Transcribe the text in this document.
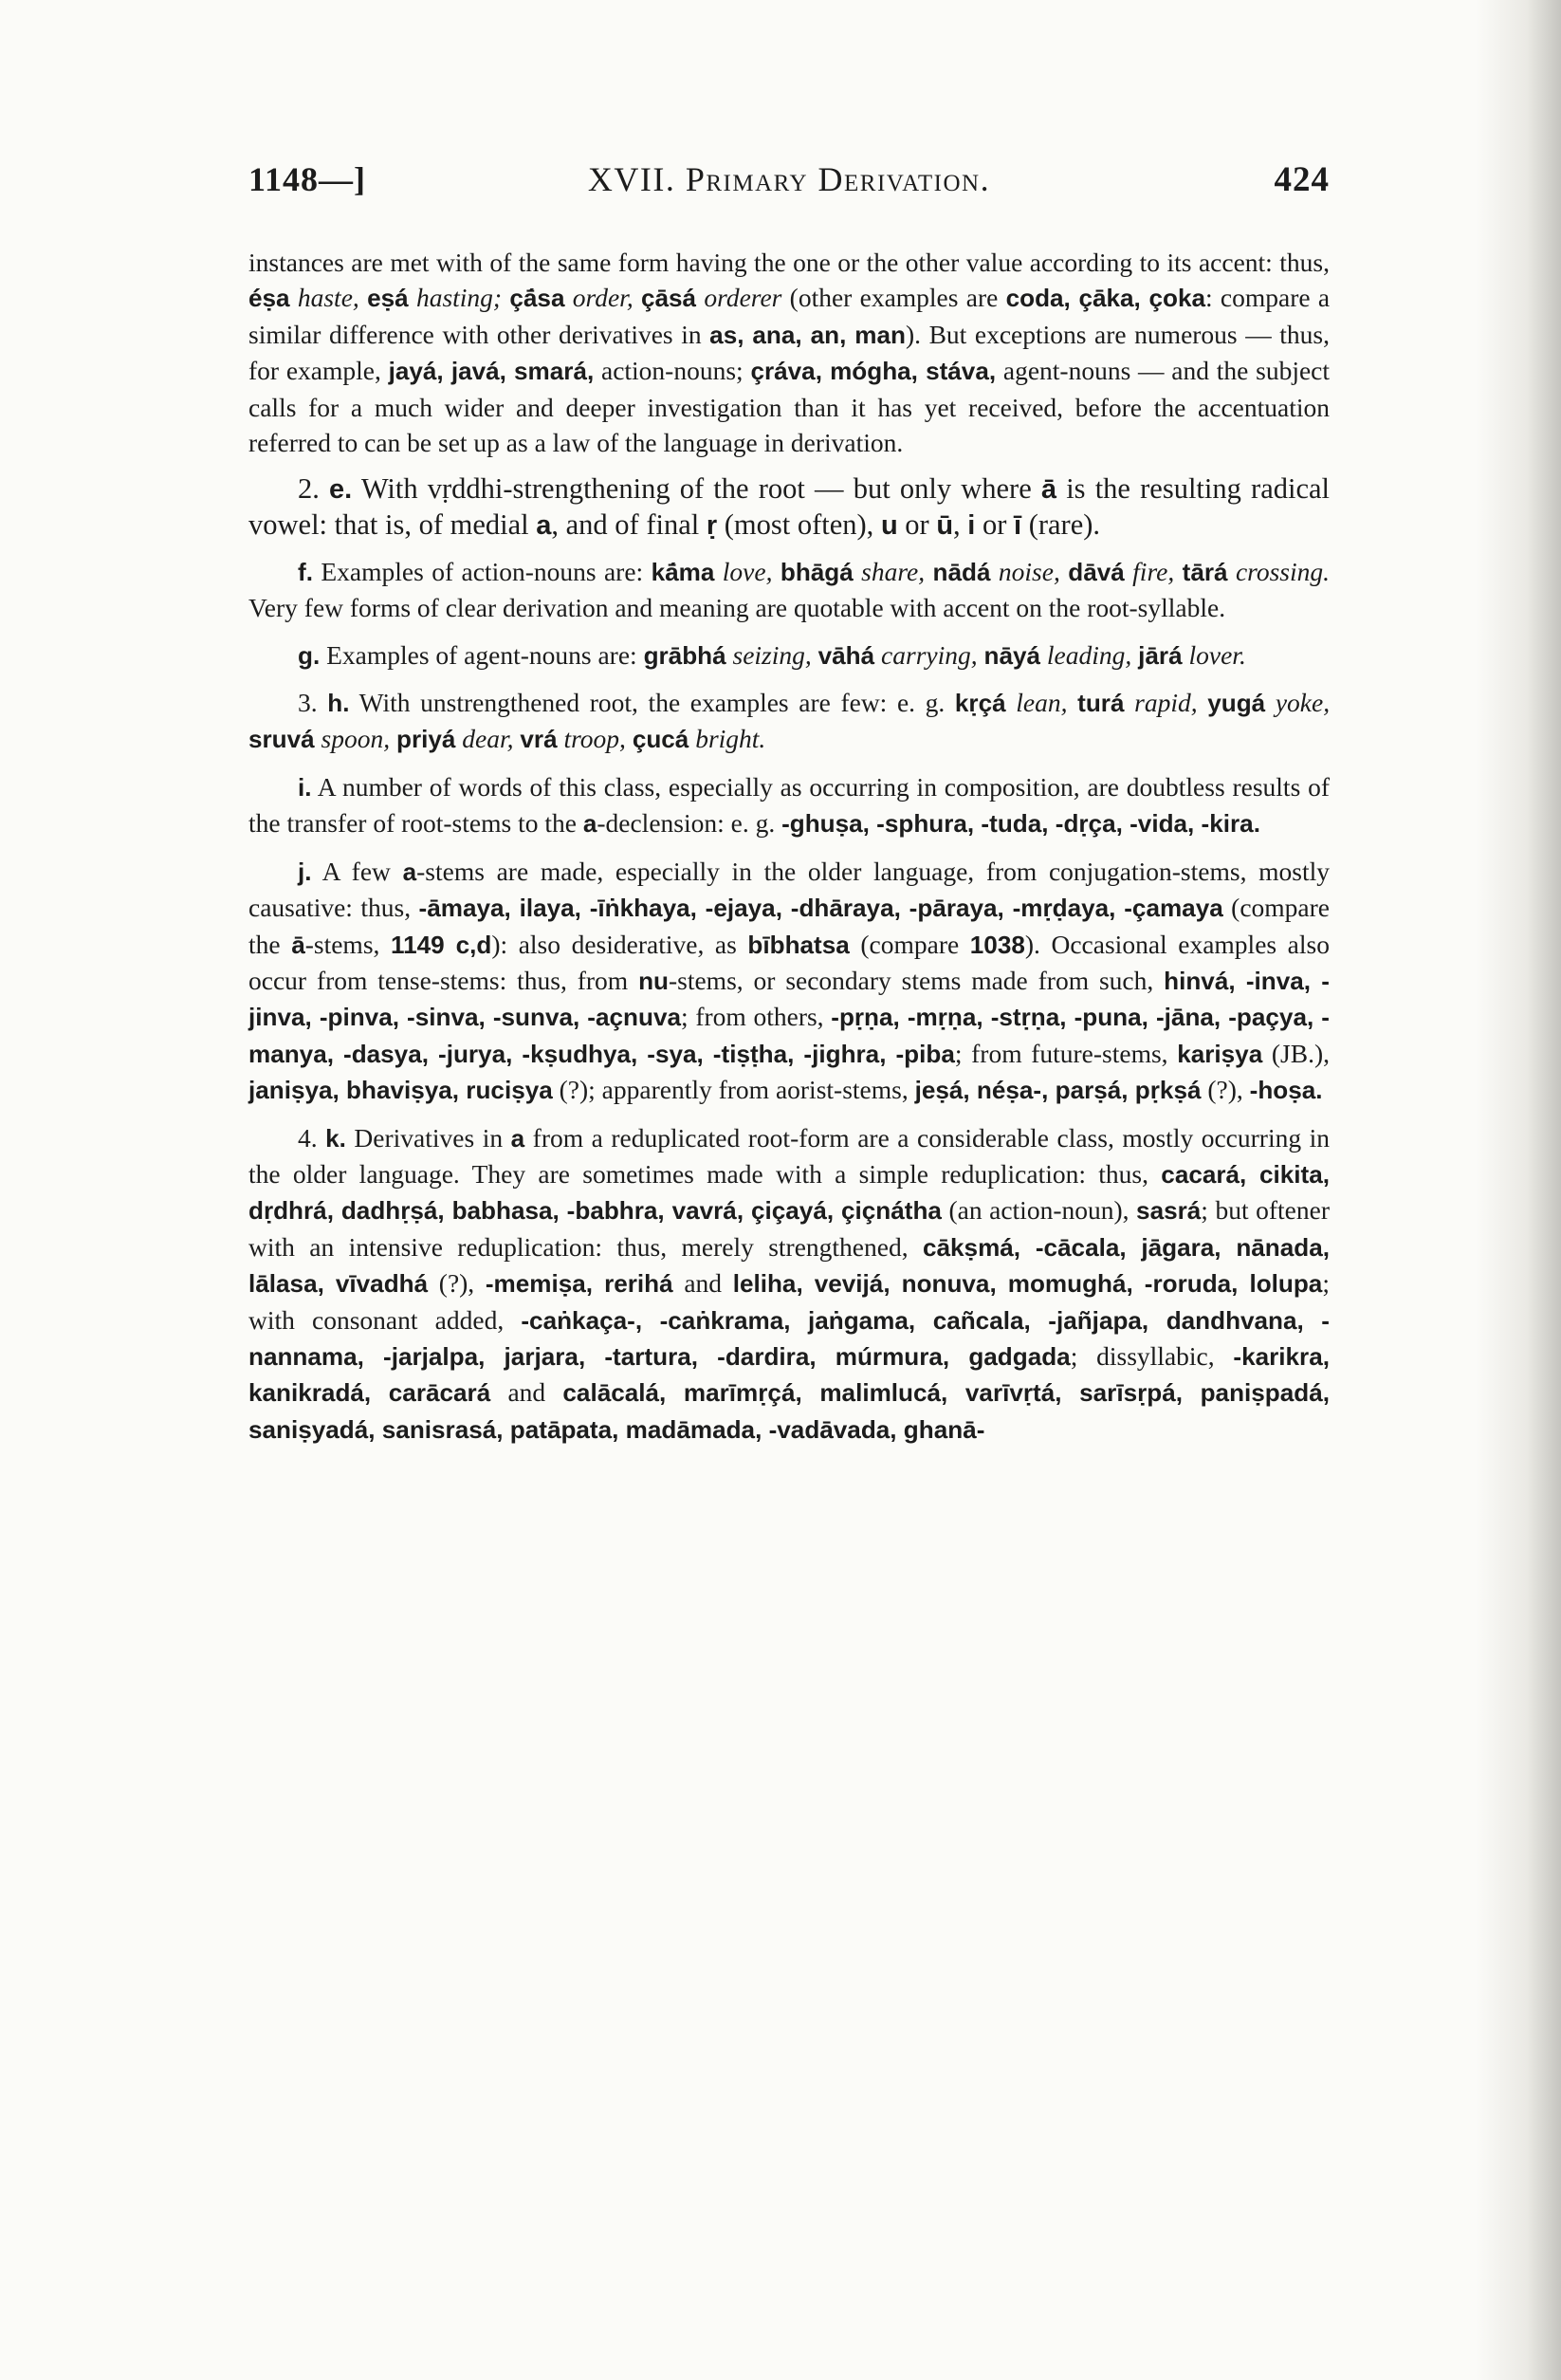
1148—]	XVII. Primary Derivation.	424

instances are met with of the same form having the one or the other value according to its accent: thus, éṣa haste, eṣá hasting; çā́sa order, çāsá orderer (other examples are coda, çāka, çoka: compare a similar difference with other derivatives in as, ana, an, man). But exceptions are numerous — thus, for example, jayá, javá, smará, action-nouns; çráva, mógha, stáva, agent-nouns — and the subject calls for a much wider and deeper investigation than it has yet received, before the accentuation referred to can be set up as a law of the language in derivation.

2. e. With vṛddhi-strengthening of the root — but only where ā is the resulting radical vowel: that is, of medial a, and of final ṛ (most often), u or ū, i or ī (rare).

f. Examples of action-nouns are: kā́ma love, bhāgá share, nādá noise, dāvá fire, tārá crossing. Very few forms of clear derivation and meaning are quotable with accent on the root-syllable.

g. Examples of agent-nouns are: grābhá seizing, vāhá carrying, nāyá leading, jārá lover.

3. h. With unstrengthened root, the examples are few: e. g. kṛçá lean, turá rapid, yugá yoke, sruvá spoon, priyá dear, vrá troop, çucá bright.

i. A number of words of this class, especially as occurring in composition, are doubtless results of the transfer of root-stems to the a-declension: e. g. -ghuṣa, -sphura, -tuda, -dṛça, -vida, -kira.

j. A few a-stems are made, especially in the older language, from conjugation-stems, mostly causative: thus, -āmaya, ilaya, -īṅkhaya, -ejaya, -dhāraya, -pāraya, -mṛḍaya, -çamaya (compare the ā-stems, 1149 c,d): also desiderative, as bībhatsa (compare 1038). Occasional examples also occur from tense-stems: thus, from nu-stems, or secondary stems made from such, hinvá, -inva, -jinva, -pinva, -sinva, -sunva, -açnuva; from others, -pṛṇa, -mṛṇa, -stṛṇa, -puna, -jāna, -paçya, -manya, -dasya, -jurya, -kṣudhya, -sya, -tiṣṭha, -jighra, -piba; from future-stems, kariṣya (JB.), janiṣya, bhaviṣya, ruciṣya (?); apparently from aorist-stems, jeṣá, néṣa-, parṣá, pṛkṣá (?), -hoṣa.

4. k. Derivatives in a from a reduplicated root-form are a considerable class, mostly occurring in the older language. They are sometimes made with a simple reduplication: thus, cacará, cikita, dṛdhrá, dadhṛṣá, babhasa, -babhra, vavrá, çiçayá, çiçnátha (an action-noun), sasrá; but oftener with an intensive reduplication: thus, merely strengthened, cākṣmá, -cācala, jāgara, nānada, lālasa, vīvadhá (?), -memiṣa, rerihá and leliha, vevijá, nonuva, momughá, -roruda, lolupa; with consonant added, -caṅkaça-, -caṅkrama, jaṅgama, cañcala, -jañjapa, dandhvana, -nannama, -jarjalpa, jarjara, -tartura, -dardira, múrmura, gadgada; dissyllabic, -karikra, kanikradá, carācará and calācalá, marīmṛçá, malimlucá, varīvṛtá, sarīsṛpá, paniṣpadá, saniṣyadá, sanisrasá, patāpata, madāmada, -vadāvada, ghanā-
